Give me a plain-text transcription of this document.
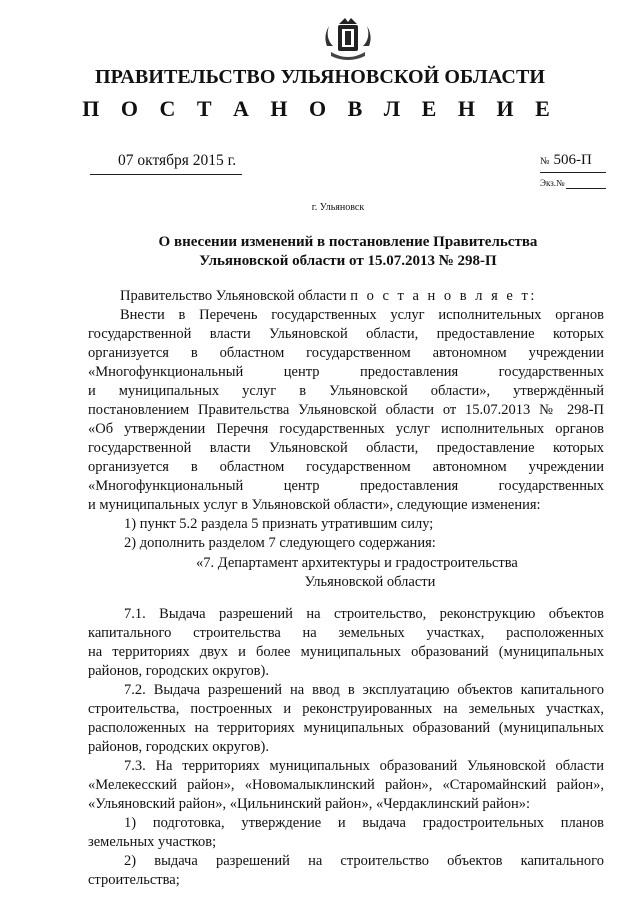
ПРАВИТЕЛЬСТВО УЛЬЯНОВСКОЙ ОБЛАСТИ
П О С Т А Н О В Л Е Н И Е
07 октября 2015 г.	№ 506-П
Экз.№
г. Ульяновск
О внесении изменений в постановление Правительства
Ульяновской области от 15.07.2013 № 298-П
Правительство Ульяновской области п о с т а н о в л я е т:
Внести в Перечень государственных услуг исполнительных органов
государственной власти Ульяновской области, предоставление которых
организуется в областном государственном автономном учреждении
«Многофункциональный центр предоставления государственных
и муниципальных услуг в Ульяновской области», утверждённый
постановлением Правительства Ульяновской области от 15.07.2013 № 298-П
«Об утверждении Перечня государственных услуг исполнительных органов
государственной власти Ульяновской области, предоставление которых
организуется в областном государственном автономном учреждении
«Многофункциональный центр предоставления государственных
и муниципальных услуг в Ульяновской области», следующие изменения:
1) пункт 5.2 раздела 5 признать утратившим силу;
2) дополнить разделом 7 следующего содержания:
«7. Департамент архитектуры и градостроительства
Ульяновской области
7.1. Выдача разрешений на строительство, реконструкцию объектов
капитального строительства на земельных участках, расположенных
на территориях двух и более муниципальных образований (муниципальных
районов, городских округов).
7.2. Выдача разрешений на ввод в эксплуатацию объектов капитального
строительства, построенных и реконструированных на земельных участках,
расположенных на территориях муниципальных образований (муниципальных
районов, городских округов).
7.3. На территориях муниципальных образований Ульяновской области
«Мелекесский район», «Новомалыклинский район», «Старомайнский район»,
«Ульяновский район», «Цильнинский район», «Чердаклинский район»:
1) подготовка, утверждение и выдача градостроительных планов
земельных участков;
2) выдача разрешений на строительство объектов капитального
строительства;
